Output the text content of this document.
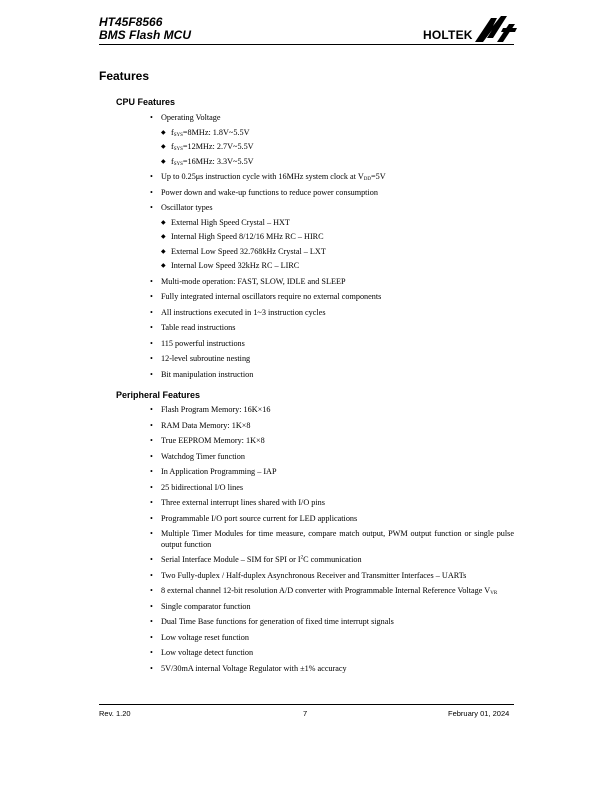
HT45F8566
BMS Flash MCU	HOLTEK
Features
CPU Features
• Operating Voltage
◆ $f_{SYS}=8MHz$: 1.8V~5.5V
◆ $f_{SYS}=12MHz$: 2.7V~5.5V
◆ $f_{SYS}=16MHz$: 3.3V~5.5V
• Up to 0.25μs instruction cycle with 16MHz system clock at $V_{DD}=5V$
• Power down and wake-up functions to reduce power consumption
• Oscillator types
◆ External High Speed Crystal – HXT
◆ Internal High Speed 8/12/16 MHz RC – HIRC
◆ External Low Speed 32.768kHz Crystal – LXT
◆ Internal Low Speed 32kHz RC – LIRC
• Multi-mode operation: FAST, SLOW, IDLE and SLEEP
• Fully integrated internal oscillators require no external components
• All instructions executed in 1~3 instruction cycles
• Table read instructions
• 115 powerful instructions
• 12-level subroutine nesting
• Bit manipulation instruction
Peripheral Features
• Flash Program Memory: 16K×16
• RAM Data Memory: 1K×8
• True EEPROM Memory: 1K×8
• Watchdog Timer function
• In Application Programming – IAP
• 25 bidirectional I/O lines
• Three external interrupt lines shared with I/O pins
• Programmable I/O port source current for LED applications
• Multiple Timer Modules for time measure, compare match output, PWM output function or single pulse output function
• Serial Interface Module – SIM for SPI or $I^2C$ communication
• Two Fully-duplex / Half-duplex Asynchronous Receiver and Transmitter Interfaces – UARTs
• 8 external channel 12-bit resolution A/D converter with Programmable Internal Reference Voltage $V_{VR}$
• Single comparator function
• Dual Time Base functions for generation of fixed time interrupt signals
• Low voltage reset function
• Low voltage detect function
• 5V/30mA internal Voltage Regulator with ±1% accuracy
Rev. 1.20	7	February 01, 2024
